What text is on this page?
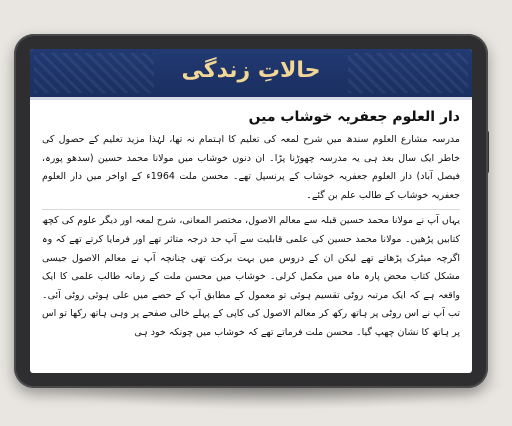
حالاتِ زندگی
دار العلوم جعفریہ خوشاب میں

مدرسہ مشارع العلوم سندھ میں شرح لمعہ کی تعلیم کا اہتمام نہ تھا، لہٰذا مزید تعلیم کے حصول کی خاطر ایک سال بعد ہی یہ مدرسہ چھوڑنا پڑا۔ ان دنوں خوشاب میں مولانا محمد حسین (سدھو پورہ، فیصل آباد) دار العلوم جعفریہ خوشاب کے پرنسپل تھے۔ محسن ملت 1964ء کے اواخر میں دار العلوم جعفریہ خوشاب کے طالب علم بن گئے۔

یہاں آپ نے مولانا محمد حسین قبلہ سے معالم الاصول، مختصر المعانی، شرح لمعہ اور دیگر علوم کی کچھ کتابیں پڑھیں۔ مولانا محمد حسین کی علمی قابلیت سے آپ حد درجہ متاثر تھے اور فرمایا کرتے تھے کہ وہ اگرچہ میٹرک پڑھاتے تھے لیکن ان کے دروس میں بہت برکت تھی چنانچہ آپ نے معالم الاصول جیسی مشکل کتاب محض پارہ ماہ میں مکمل کرلی۔ خوشاب میں محسن ملت کے زمانہ طالب علمی کا ایک واقعہ ہے کہ ایک مرتبہ روٹی تقسیم ہوئی تو معمول کے مطابق آپ کے حصے میں علی ہوئی روٹی آئی۔ تب آپ نے اس روٹی پر ہاتھ رکھ کر معالم الاصول کی کاپی کے پہلے خالی صفحے پر وہی ہاتھ رکھا تو اس پر ہاتھ کا نشان چھپ گیا۔ محسن ملت فرماتے تھے کہ خوشاب میں چونکہ خود ہی
